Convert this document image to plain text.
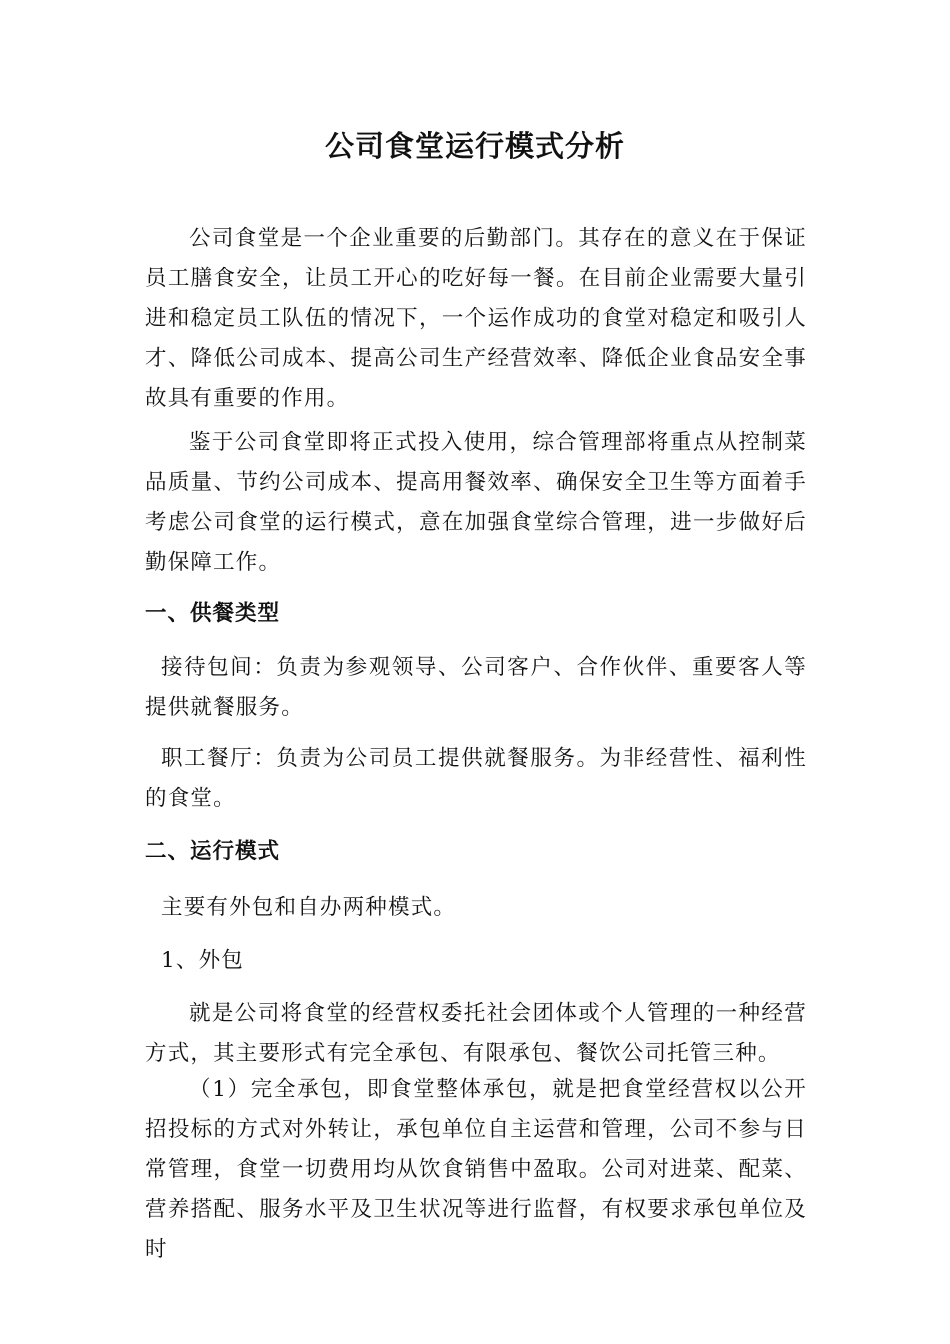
公司食堂运行模式分析

公司食堂是一个企业重要的后勤部门。其存在的意义在于保证员工膳食安全，让员工开心的吃好每一餐。在目前企业需要大量引进和稳定员工队伍的情况下，一个运作成功的食堂对稳定和吸引人才、降低公司成本、提高公司生产经营效率、降低企业食品安全事故具有重要的作用。

鉴于公司食堂即将正式投入使用，综合管理部将重点从控制菜品质量、节约公司成本、提高用餐效率、确保安全卫生等方面着手考虑公司食堂的运行模式，意在加强食堂综合管理，进一步做好后勤保障工作。

一、供餐类型

接待包间：负责为参观领导、公司客户、合作伙伴、重要客人等提供就餐服务。

职工餐厅：负责为公司员工提供就餐服务。为非经营性、福利性的食堂。

二、运行模式

主要有外包和自办两种模式。

1、外包

就是公司将食堂的经营权委托社会团体或个人管理的一种经营方式，其主要形式有完全承包、有限承包、餐饮公司托管三种。

（1）完全承包，即食堂整体承包，就是把食堂经营权以公开招投标的方式对外转让，承包单位自主运营和管理，公司不参与日常管理，食堂一切费用均从饮食销售中盈取。公司对进菜、配菜、营养搭配、服务水平及卫生状况等进行监督，有权要求承包单位及时
